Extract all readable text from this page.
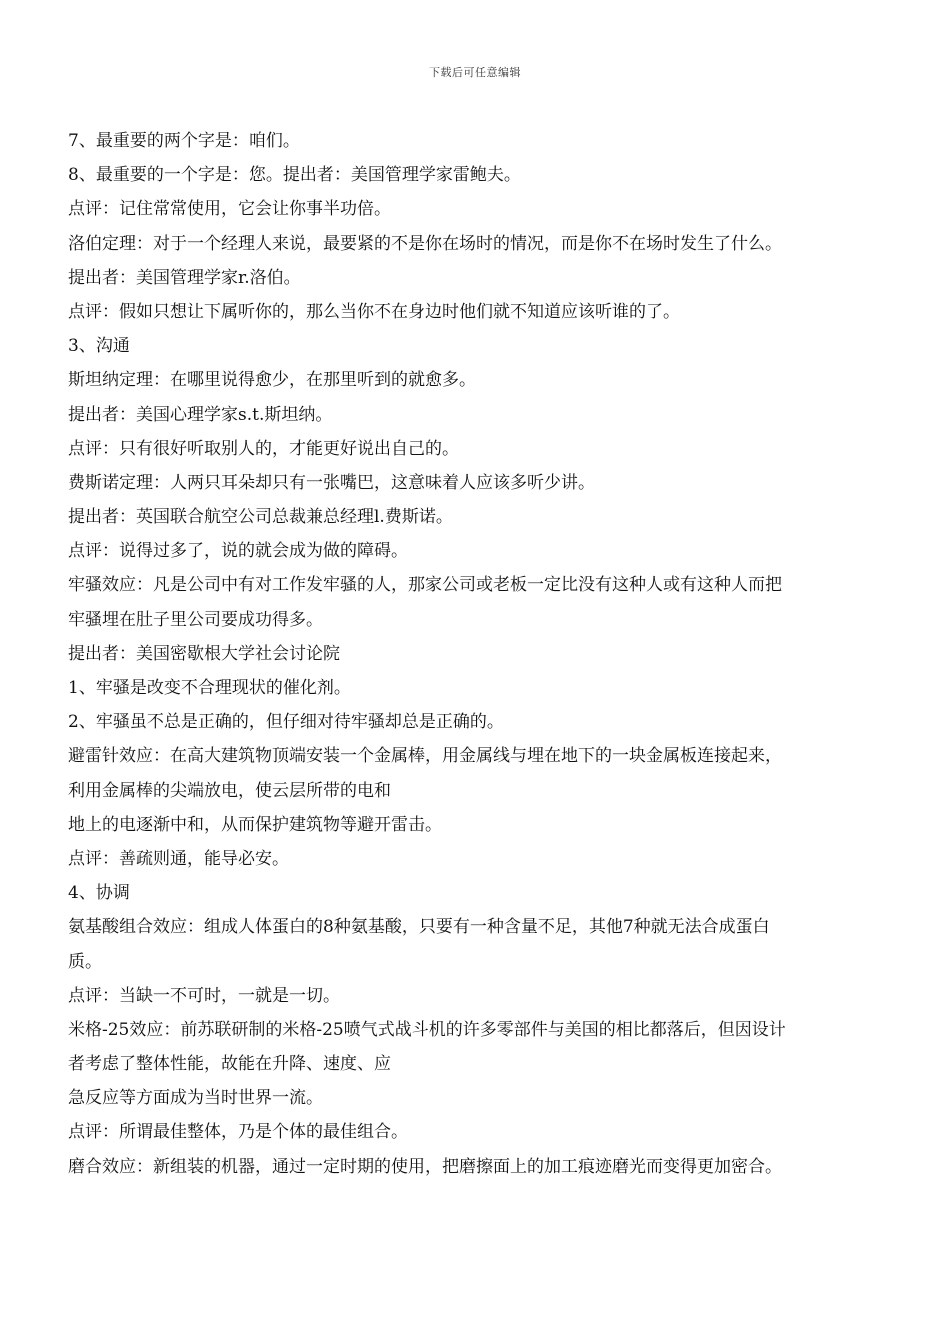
下载后可任意编辑
7、最重要的两个字是：咱们。
8、最重要的一个字是：您。提出者：美国管理学家雷鲍夫。
点评：记住常常使用，它会让你事半功倍。
洛伯定理：对于一个经理人来说，最要紧的不是你在场时的情况，而是你不在场时发生了什么。
提出者：美国管理学家r.洛伯。
点评：假如只想让下属听你的，那么当你不在身边时他们就不知道应该听谁的了。
3、沟通
斯坦纳定理：在哪里说得愈少，在那里听到的就愈多。
提出者：美国心理学家s.t.斯坦纳。
点评：只有很好听取别人的，才能更好说出自己的。
费斯诺定理：人两只耳朵却只有一张嘴巴，这意味着人应该多听少讲。
提出者：英国联合航空公司总裁兼总经理l.费斯诺。
点评：说得过多了，说的就会成为做的障碍。
牢骚效应：凡是公司中有对工作发牢骚的人，那家公司或老板一定比没有这种人或有这种人而把
牢骚埋在肚子里公司要成功得多。
提出者：美国密歇根大学社会讨论院
1、牢骚是改变不合理现状的催化剂。
2、牢骚虽不总是正确的，但仔细对待牢骚却总是正确的。
避雷针效应：在高大建筑物顶端安装一个金属棒，用金属线与埋在地下的一块金属板连接起来，
利用金属棒的尖端放电，使云层所带的电和
地上的电逐渐中和，从而保护建筑物等避开雷击。
点评：善疏则通，能导必安。
4、协调
氨基酸组合效应：组成人体蛋白的8种氨基酸，只要有一种含量不足，其他7种就无法合成蛋白
质。
点评：当缺一不可时，一就是一切。
米格-25效应：前苏联研制的米格-25喷气式战斗机的许多零部件与美国的相比都落后，但因设计
者考虑了整体性能，故能在升降、速度、应
急反应等方面成为当时世界一流。
点评：所谓最佳整体，乃是个体的最佳组合。
磨合效应：新组装的机器，通过一定时期的使用，把磨擦面上的加工痕迹磨光而变得更加密合。
